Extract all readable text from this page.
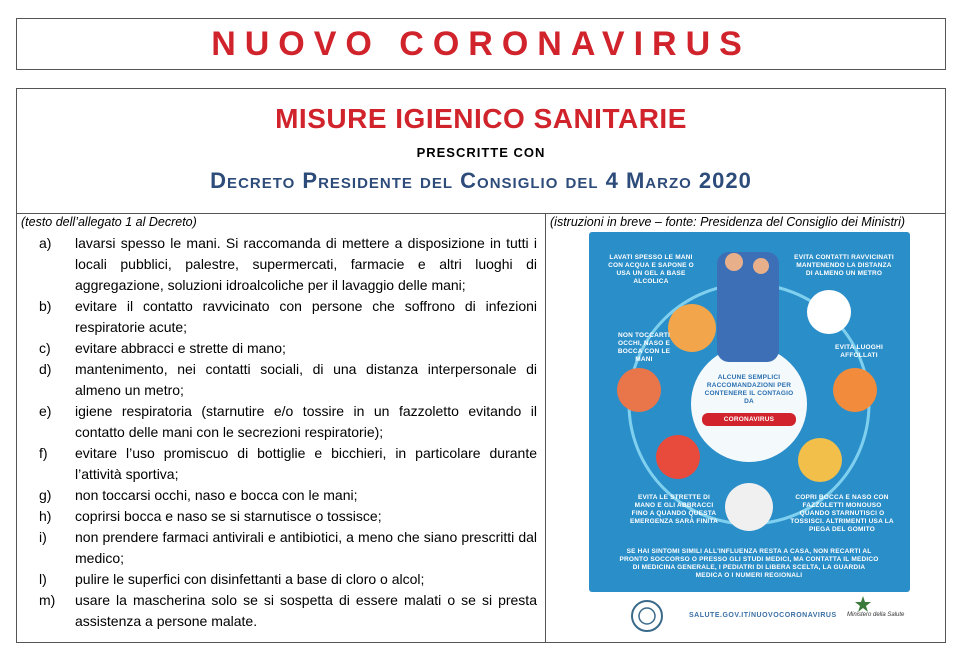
NUOVO CORONAVIRUS
MISURE IGIENICO SANITARIE
PRESCRITTE CON
Decreto Presidente del Consiglio del 4 Marzo 2020
(testo dell’allegato 1 al Decreto)
a)	lavarsi spesso le mani. Si raccomanda di mettere a disposizione in tutti i locali pubblici, palestre, supermercati, farmacie e altri luoghi di aggregazione, soluzioni idroalcoliche per il lavaggio delle mani;
b)	evitare il contatto ravvicinato con persone che soffrono di infezioni respiratorie acute;
c)	evitare abbracci e strette di mano;
d)	mantenimento, nei contatti sociali, di una distanza interpersonale di almeno un metro;
e)	igiene respiratoria (starnutire e/o tossire in un fazzoletto evitando il contatto delle mani con le secrezioni respiratorie);
f)	evitare l’uso promiscuo di bottiglie e bicchieri, in particolare durante l’attività sportiva;
g)	non toccarsi occhi, naso e bocca con le mani;
h)	coprirsi bocca e naso se si starnutisce o tossisce;
i)	non prendere farmaci antivirali e antibiotici, a meno che siano prescritti dal medico;
l)	pulire le superfici con disinfettanti a base di cloro o alcol;
m)	usare la mascherina solo se si sospetta di essere malati o se si presta assistenza a persone malate.
(istruzioni in breve – fonte: Presidenza del Consiglio dei Ministri)
LAVATI SPESSO LE MANI CON ACQUA E SAPONE O USA UN GEL A BASE ALCOLICA
EVITA CONTATTI RAVVICINATI MANTENENDO LA DISTANZA DI ALMENO UN METRO
NON TOCCARTI OCCHI, NASO E BOCCA CON LE MANI
EVITA LUOGHI AFFOLLATI
ALCUNE SEMPLICI RACCOMANDAZIONI PER CONTENERE IL CONTAGIO DA
CORONAVIRUS
EVITA LE STRETTE DI MANO E GLI ABBRACCI FINO A QUANDO QUESTA EMERGENZA SARÀ FINITA
COPRI BOCCA E NASO CON FAZZOLETTI MONOUSO QUANDO STARNUTISCI O TOSSISCI. ALTRIMENTI USA LA PIEGA DEL GOMITO
SE HAI SINTOMI SIMILI ALL'INFLUENZA RESTA A CASA, NON RECARTI AL PRONTO SOCCORSO O PRESSO GLI STUDI MEDICI, MA CONTATTA IL MEDICO DI MEDICINA GENERALE, I PEDIATRI DI LIBERA SCELTA, LA GUARDIA MEDICA O I NUMERI REGIONALI
SALUTE.GOV.IT/NUOVOCORONAVIRUS Ministero della Salute
